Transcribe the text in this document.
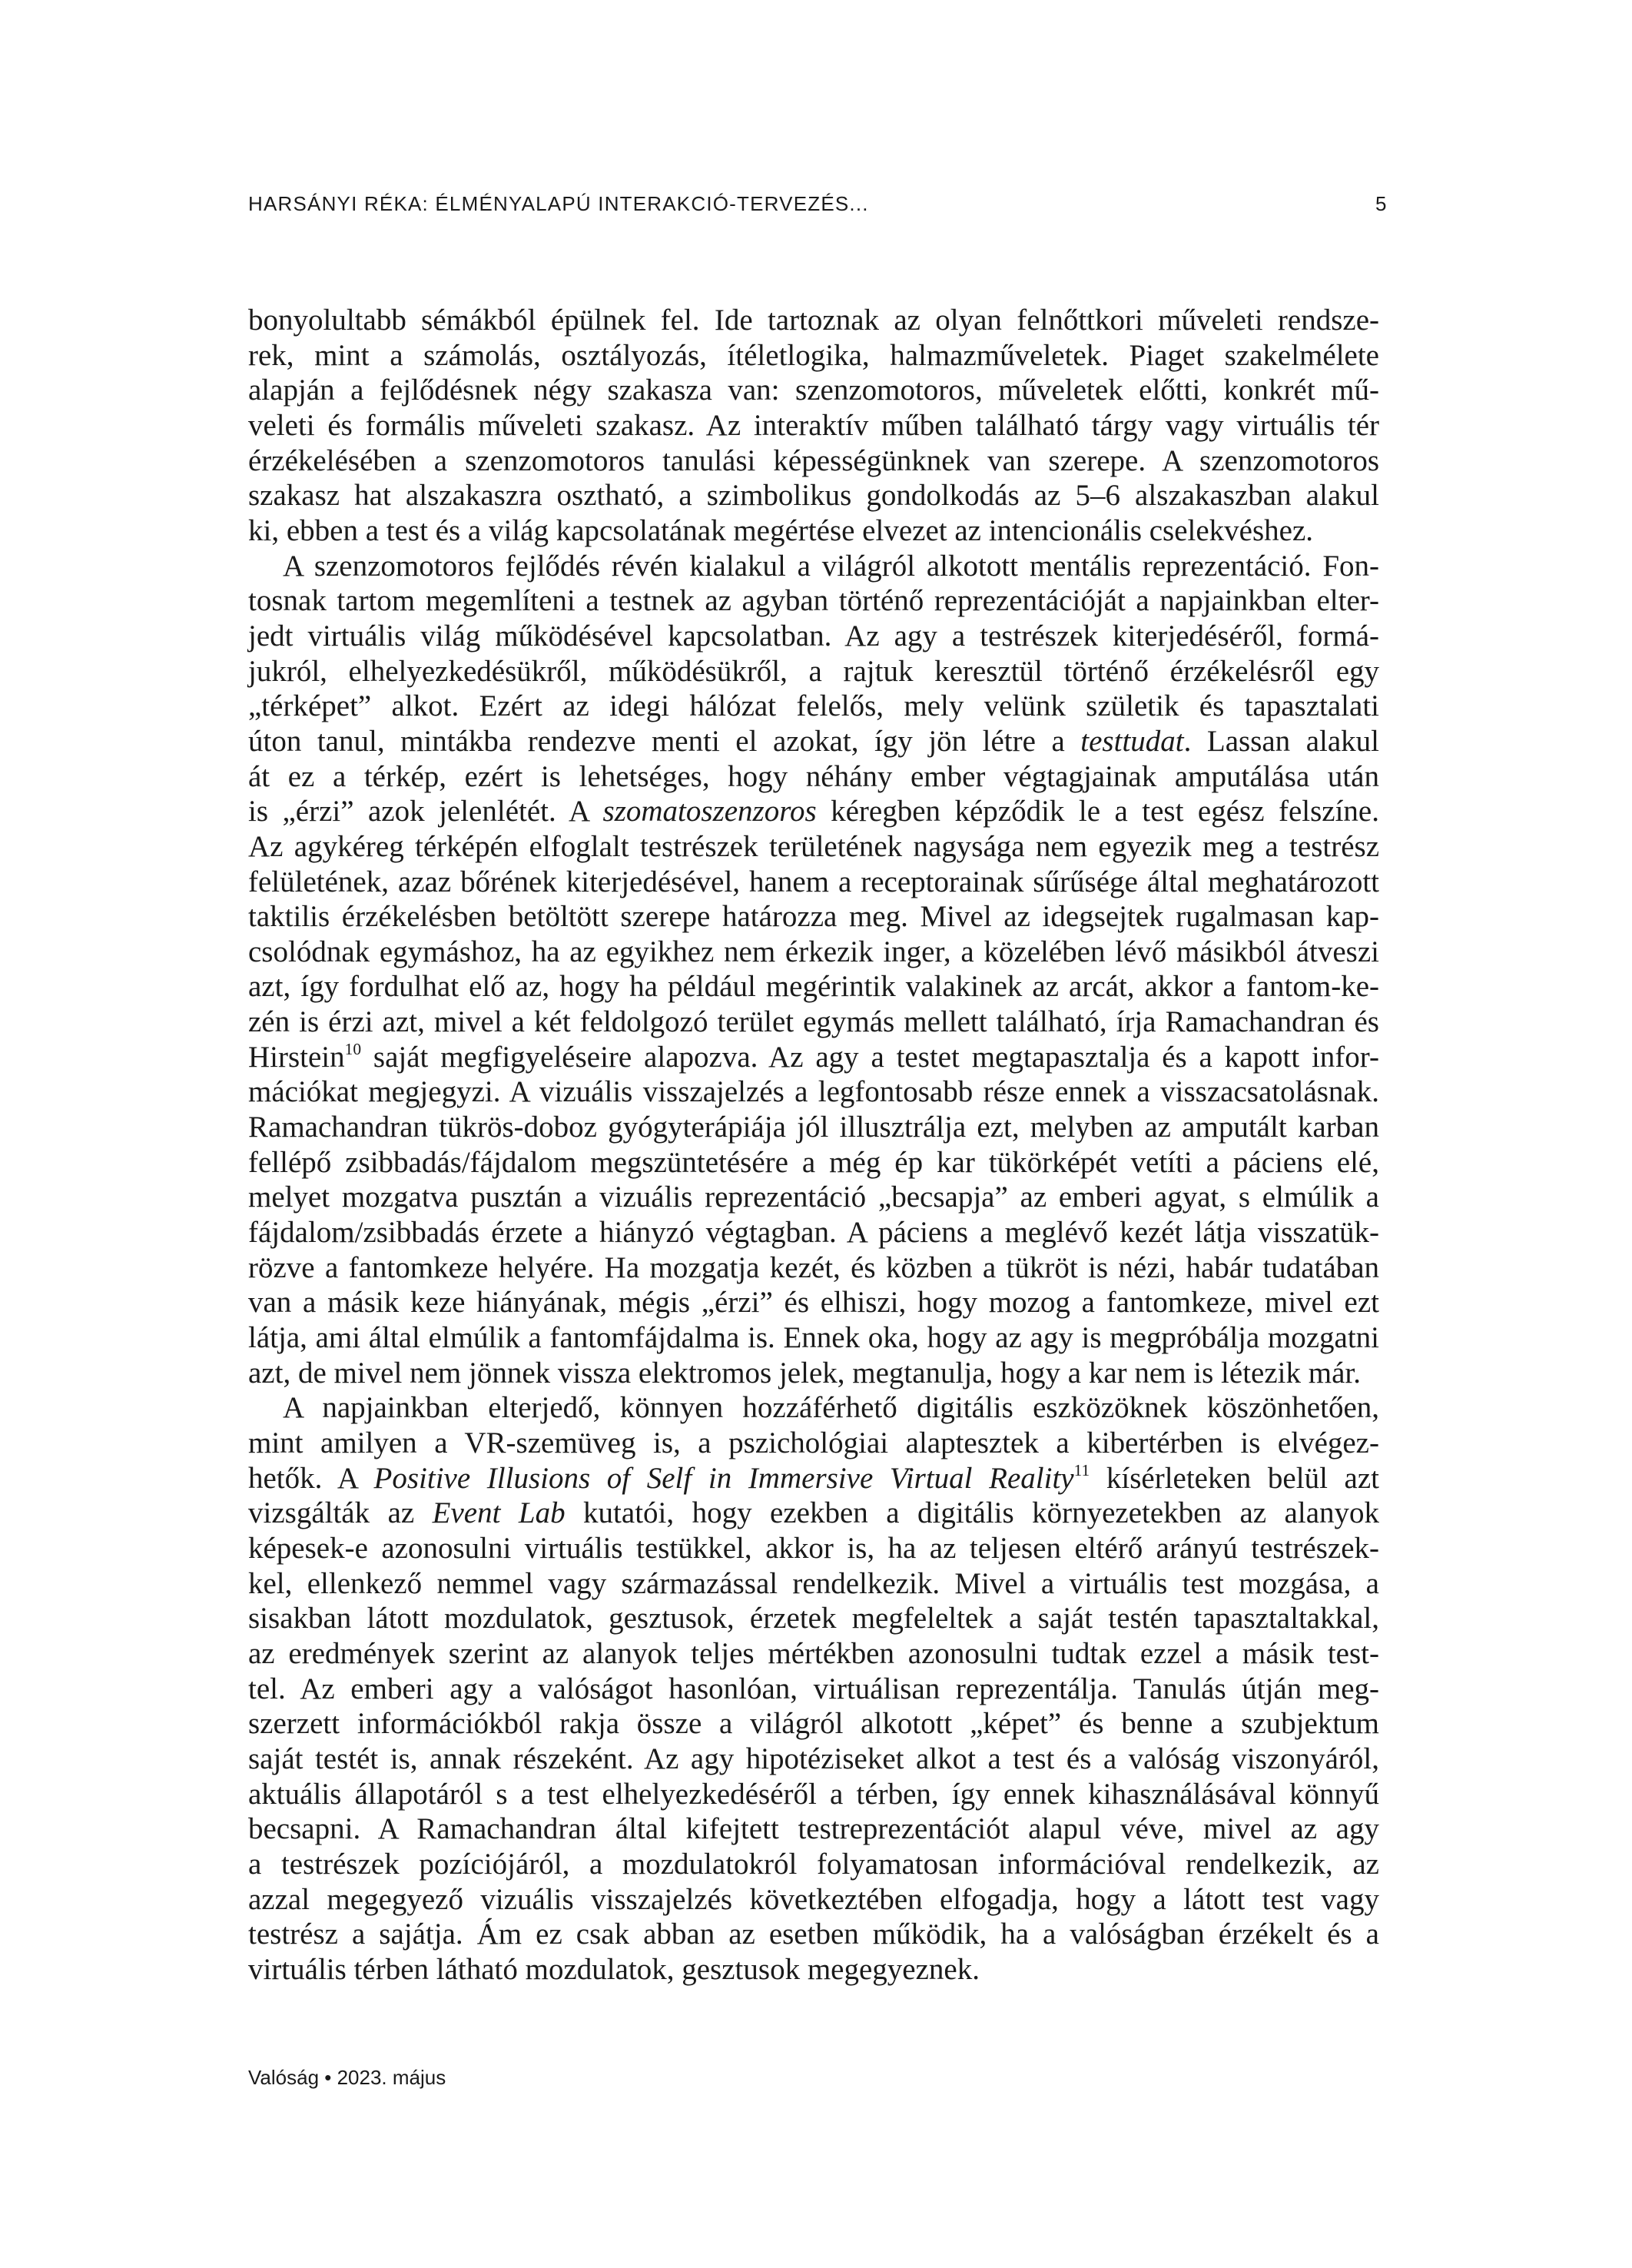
HARSÁNYI RÉKA: ÉLMÉNYALAPÚ INTERAKCIÓ-TERVEZÉS...	5
bonyolultabb sémákból épülnek fel. Ide tartoznak az olyan felnőttkori műveleti rendsze-
rek, mint a számolás, osztályozás, ítéletlogika, halmazműveletek. Piaget szakelmélete
alapján a fejlődésnek négy szakasza van: szenzomotoros, műveletek előtti, konkrét mű-
veleti és formális műveleti szakasz. Az interaktív műben található tárgy vagy virtuális tér
érzékelésében a szenzomotoros tanulási képességünknek van szerepe. A szenzomotoros
szakasz hat alszakaszra osztható, a szimbolikus gondolkodás az 5–6 alszakaszban alakul
ki, ebben a test és a világ kapcsolatának megértése elvezet az intencionális cselekvéshez.
A szenzomotoros fejlődés révén kialakul a világról alkotott mentális reprezentáció. Fon-
tosnak tartom megemlíteni a testnek az agyban történő reprezentációját a napjainkban elter-
jedt virtuális világ működésével kapcsolatban. Az agy a testrészek kiterjedéséről, formá-
jukról, elhelyezkedésükről, működésükről, a rajtuk keresztül történő érzékelésről egy
„térképet” alkot. Ezért az idegi hálózat felelős, mely velünk születik és tapasztalati
úton tanul, mintákba rendezve menti el azokat, így jön létre a testtudat. Lassan alakul
át ez a térkép, ezért is lehetséges, hogy néhány ember végtagjainak amputálása után
is „érzi” azok jelenlétét. A szomatoszenzoros kéregben képződik le a test egész felszíne.
Az agykéreg térképén elfoglalt testrészek területének nagysága nem egyezik meg a testrész
felületének, azaz bőrének kiterjedésével, hanem a receptorainak sűrűsége által meghatározott
taktilis érzékelésben betöltött szerepe határozza meg. Mivel az idegsejtek rugalmasan kap-
csolódnak egymáshoz, ha az egyikhez nem érkezik inger, a közelében lévő másikból átveszi
azt, így fordulhat elő az, hogy ha például megérintik valakinek az arcát, akkor a fantom-ke-
zén is érzi azt, mivel a két feldolgozó terület egymás mellett található, írja Ramachandran és
Hirstein$^{10}$ saját megfigyeléseire alapozva. Az agy a testet megtapasztalja és a kapott infor-
mációkat megjegyzi. A vizuális visszajelzés a legfontosabb része ennek a visszacsatolásnak.
Ramachandran tükrös-doboz gyógyterápiája jól illusztrálja ezt, melyben az amputált karban
fellépő zsibbadás/fájdalom megszüntetésére a még ép kar tükörképét vetíti a páciens elé,
melyet mozgatva pusztán a vizuális reprezentáció „becsapja” az emberi agyat, s elmúlik a
fájdalom/zsibbadás érzete a hiányzó végtagban. A páciens a meglévő kezét látja visszatük-
rözve a fantomkeze helyére. Ha mozgatja kezét, és közben a tükröt is nézi, habár tudatában
van a másik keze hiányának, mégis „érzi” és elhiszi, hogy mozog a fantomkeze, mivel ezt
látja, ami által elmúlik a fantomfájdalma is. Ennek oka, hogy az agy is megpróbálja mozgatni
azt, de mivel nem jönnek vissza elektromos jelek, megtanulja, hogy a kar nem is létezik már.
A napjainkban elterjedő, könnyen hozzáférhető digitális eszközöknek köszönhetően,
mint amilyen a VR-szemüveg is, a pszichológiai alaptesztek a kibertérben is elvégez-
hetők. A Positive Illusions of Self in Immersive Virtual Reality$^{11}$ kísérleteken belül azt
vizsgálták az Event Lab kutatói, hogy ezekben a digitális környezetekben az alanyok
képesek-e azonosulni virtuális testükkel, akkor is, ha az teljesen eltérő arányú testrészek-
kel, ellenkező nemmel vagy származással rendelkezik. Mivel a virtuális test mozgása, a
sisakban látott mozdulatok, gesztusok, érzetek megfeleltek a saját testén tapasztaltakkal,
az eredmények szerint az alanyok teljes mértékben azonosulni tudtak ezzel a másik test-
tel. Az emberi agy a valóságot hasonlóan, virtuálisan reprezentálja. Tanulás útján meg-
szerzett információkból rakja össze a világról alkotott „képet” és benne a szubjektum
saját testét is, annak részeként. Az agy hipotéziseket alkot a test és a valóság viszonyáról,
aktuális állapotáról s a test elhelyezkedéséről a térben, így ennek kihasználásával könnyű
becsapni. A Ramachandran által kifejtett testreprezentációt alapul véve, mivel az agy
a testrészek pozíciójáról, a mozdulatokról folyamatosan információval rendelkezik, az
azzal megegyező vizuális visszajelzés következtében elfogadja, hogy a látott test vagy
testrész a sajátja. Ám ez csak abban az esetben működik, ha a valóságban érzékelt és a
virtuális térben látható mozdulatok, gesztusok megegyeznek.
Valóság • 2023. május
